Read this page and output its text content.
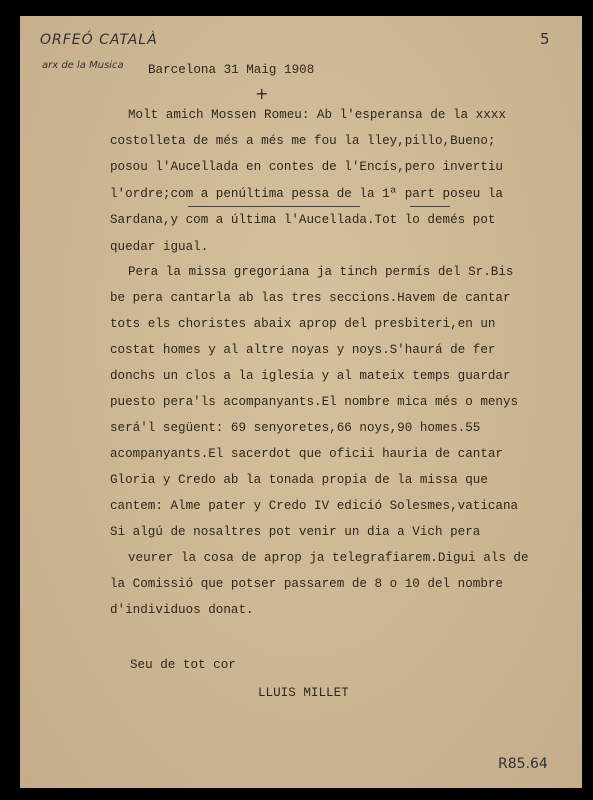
ORFEÓ CATALÀ
arx de la Musica
5
Barcelona 31 Maig 1908
+
Molt amich Mossen Romeu: Ab l'esperansa de la xxxx
costolleta de més a més me fou la lley,pillo,Bueno;
posou l'Aucellada en contes de l'Encís,pero invertiu
l'ordre;com a penúltima pessa de la 1ª part poseu la
Sardana,y com a última l'Aucellada.Tot lo demés pot
quedar igual.
Pera la missa gregoriana ja tinch permís del Sr.Bis
be pera cantarla ab las tres seccions.Havem de cantar
tots els choristes abaix aprop del presbiteri,en un
costat homes y al altre noyas y noys.S'haurá de fer
donchs un clos a la iglesia y al mateix temps guardar
puesto pera'ls acompanyants.El nombre mica més o menys
será'l següent: 69 senyoretes,66 noys,90 homes.55
acompanyants.El sacerdot que oficii hauria de cantar
Gloria y Credo ab la tonada propia de la missa que
cantem: Alme pater y Credo IV edició Solesmes,vaticana
Si algú de nosaltres pot venir un dia a Vich pera
veurer la cosa de aprop ja telegrafiarem.Digui als de
la Comissió que potser passarem de 8 o 10 del nombre
d'individuos donat.
Seu de tot cor
LLUIS MILLET
R85.64
